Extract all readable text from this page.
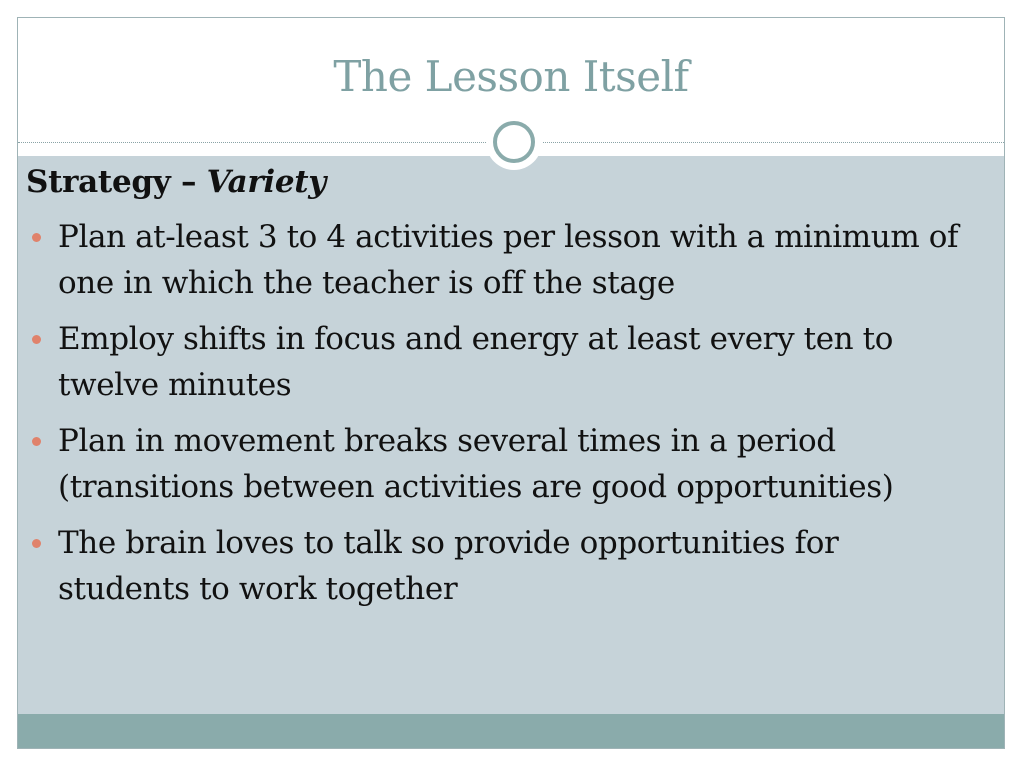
The Lesson Itself

Strategy – Variety

Plan at-least 3 to 4 activities per lesson with a minimum of one in which the teacher is off the stage
Employ shifts in focus and energy at least every ten to twelve minutes
Plan in movement breaks several times in a period (transitions between activities are good opportunities)
The brain loves to talk so provide opportunities for students to work together
